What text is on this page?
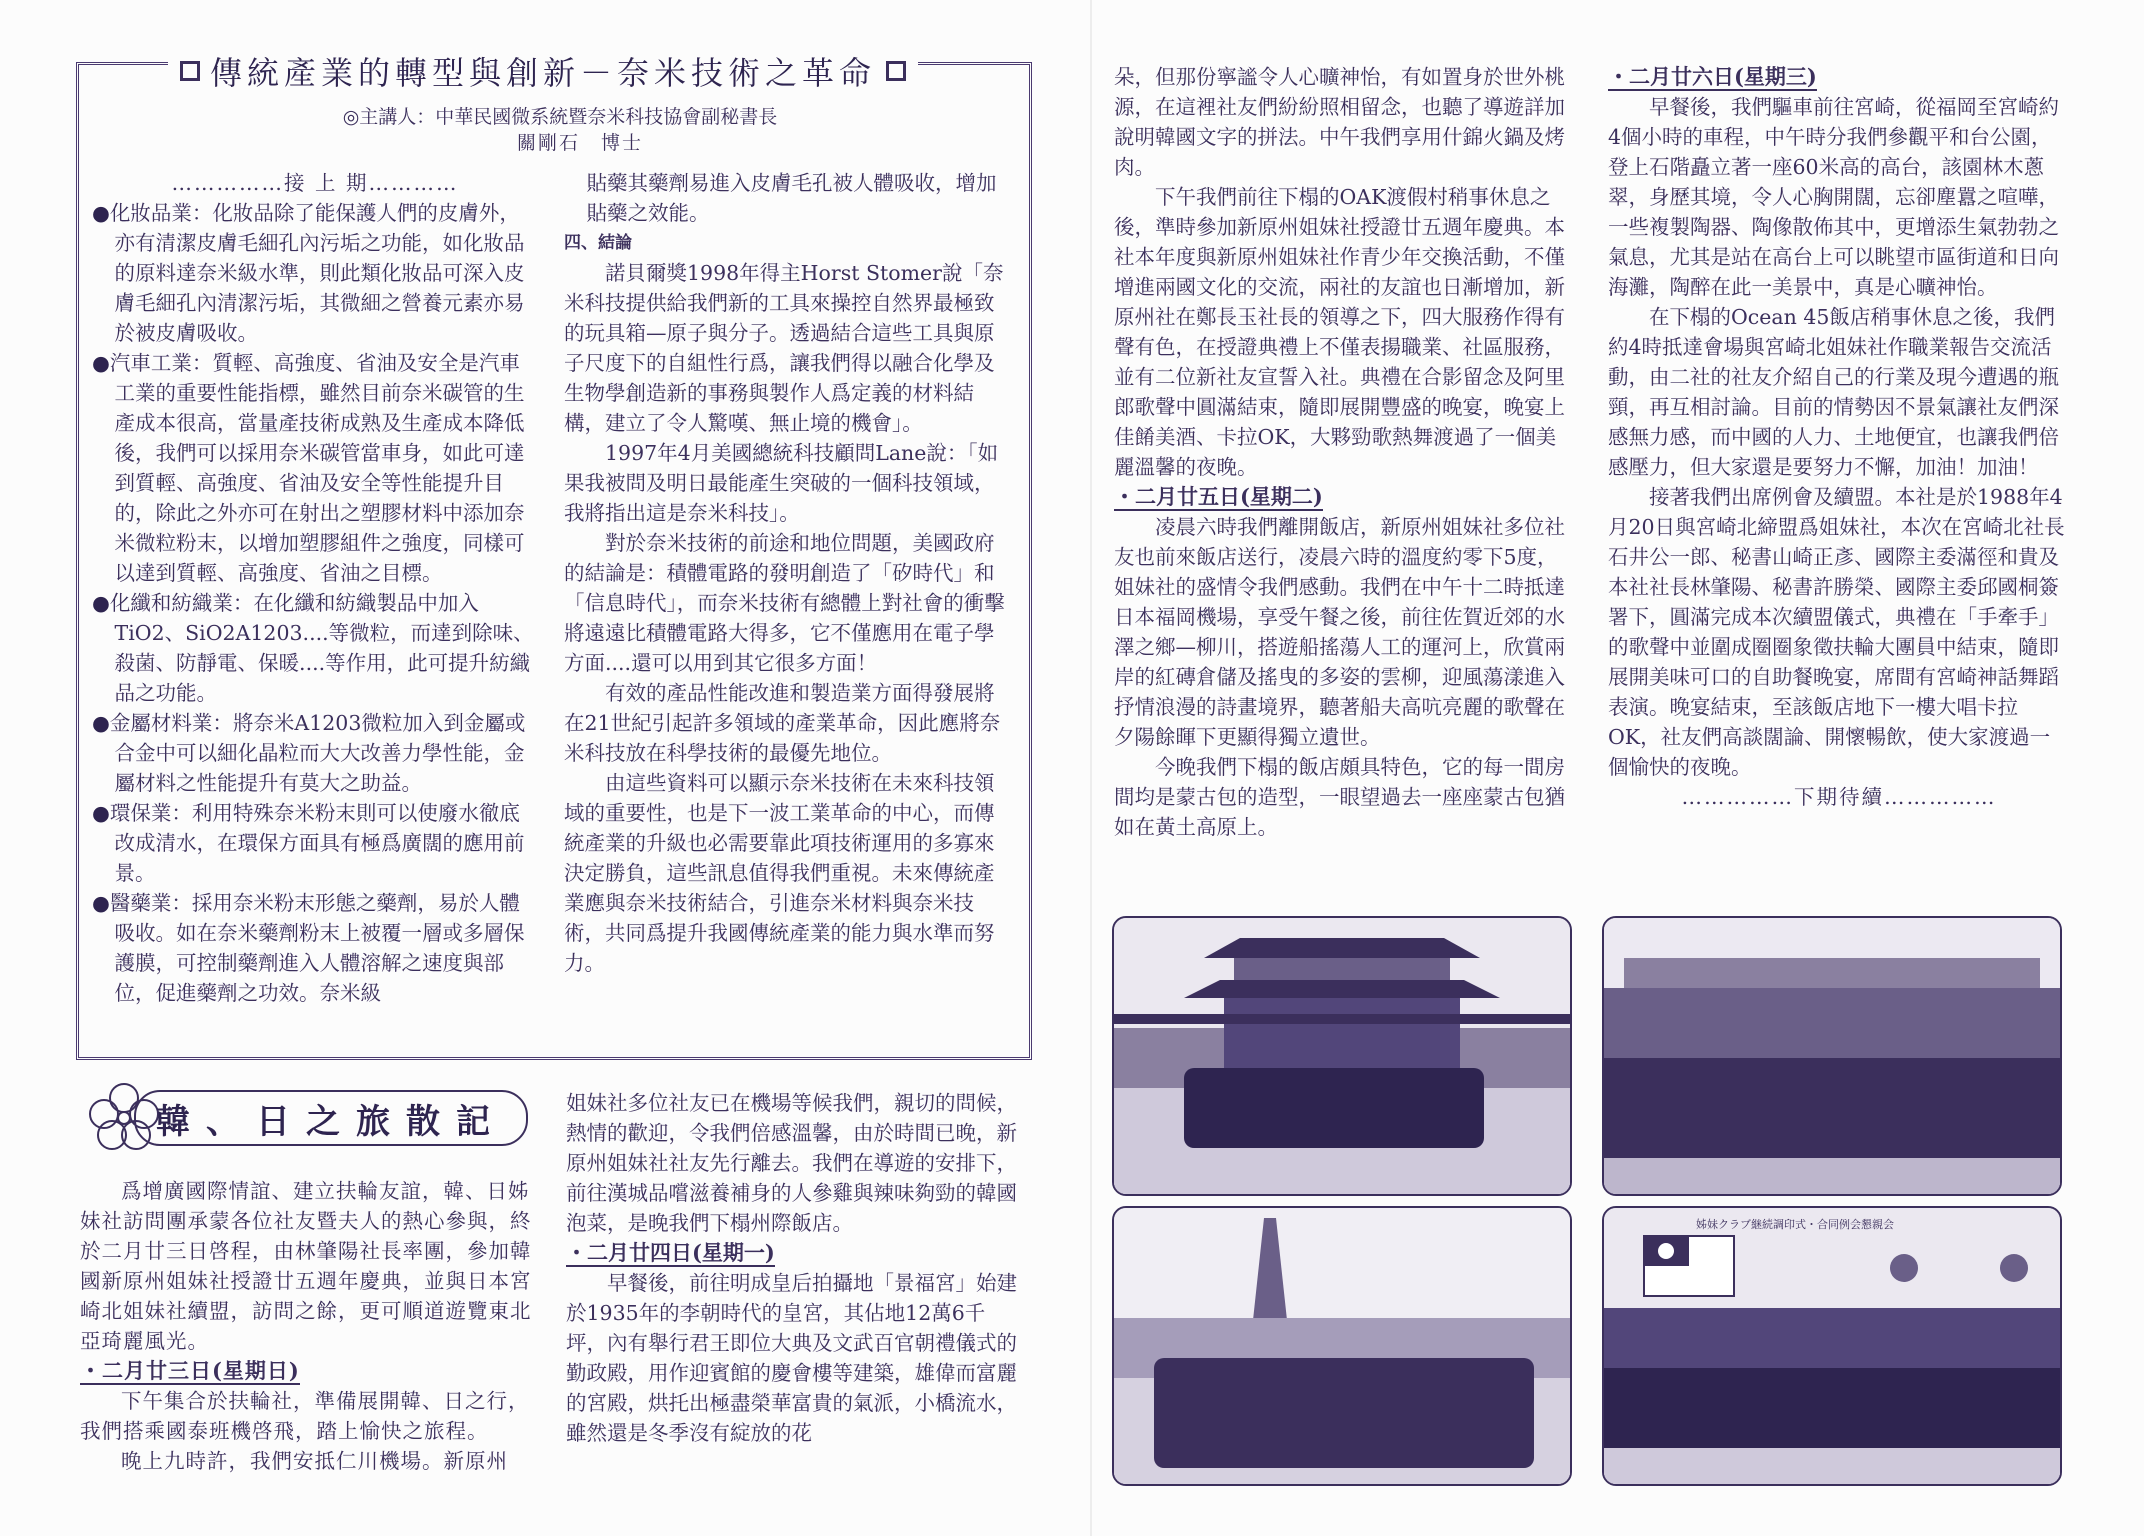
傳統產業的轉型與創新－奈米技術之革命
◎主講人：中華民國微系統暨奈米科技協會副秘書長
關剛石　博士

……………接 上 期…………

● 化妝品業：化妝品除了能保護人們的皮膚外，亦有清潔皮膚毛細孔內污垢之功能，如化妝品的原料達奈米級水準，則此類化妝品可深入皮膚毛細孔內清潔污垢，其微細之營養元素亦易於被皮膚吸收。

● 汽車工業：質輕、高強度、省油及安全是汽車工業的重要性能指標，雖然目前奈米碳管的生產成本很高，當量產技術成熟及生產成本降低後，我們可以採用奈米碳管當車身，如此可達到質輕、高強度、省油及安全等性能提升目的，除此之外亦可在射出之塑膠材料中添加奈米微粒粉末，以增加塑膠組件之強度，同樣可以達到質輕、高強度、省油之目標。

● 化纖和紡織業：在化纖和紡織製品中加入TiO2、SiO2A1203....等微粒，而達到除味、殺菌、防靜電、保暖....等作用，此可提升紡織品之功能。

● 金屬材料業：將奈米A1203微粒加入到金屬或合金中可以細化晶粒而大大改善力學性能，金屬材料之性能提升有莫大之助益。

● 環保業：利用特殊奈米粉末則可以使廢水徹底改成清水，在環保方面具有極爲廣闊的應用前景。

● 醫藥業：採用奈米粉末形態之藥劑，易於人體吸收。如在奈米藥劑粉末上被覆一層或多層保護膜，可控制藥劑進入人體溶解之速度與部位，促進藥劑之功效。奈米級

貼藥其藥劑易進入皮膚毛孔被人體吸收，增加貼藥之效能。

四、結論

諾貝爾獎1998年得主Horst Stomer說「奈米科技提供給我們新的工具來操控自然界最極致的玩具箱—原子與分子。透過結合這些工具與原子尺度下的自組性行爲，讓我們得以融合化學及生物學創造新的事務與製作人爲定義的材料結構，建立了令人驚嘆、無止境的機會」。

1997年4月美國總統科技顧問Lane說：「如果我被問及明日最能產生突破的一個科技領域，我將指出這是奈米科技」。

對於奈米技術的前途和地位問題，美國政府的結論是：積體電路的發明創造了「矽時代」和「信息時代」，而奈米技術有總體上對社會的衝擊將遠遠比積體電路大得多，它不僅應用在電子學方面....還可以用到其它很多方面！

有效的產品性能改進和製造業方面得發展將在21世紀引起許多領域的產業革命，因此應將奈米科技放在科學技術的最優先地位。

由這些資料可以顯示奈米技術在未來科技領域的重要性，也是下一波工業革命的中心，而傳統產業的升級也必需要靠此項技術運用的多寡來決定勝負，這些訊息值得我們重視。未來傳統產業應與奈米技術結合，引進奈米材料與奈米技術，共同爲提升我國傳統產業的能力與水準而努力。

韓、日之旅散記

爲增廣國際情誼、建立扶輪友誼，韓、日姊妹社訪問團承蒙各位社友暨夫人的熱心參與，終於二月廿三日啓程，由林肇陽社長率團，參加韓國新原州姐妹社授證廿五週年慶典，並與日本宮崎北姐妹社續盟，訪問之餘，更可順道遊覽東北亞琦麗風光。

・二月廿三日(星期日)

下午集合於扶輪社，準備展開韓、日之行，我們搭乘國泰班機啓飛，踏上愉快之旅程。

晚上九時許，我們安抵仁川機場。新原州

姐妹社多位社友已在機場等候我們，親切的問候，熱情的歡迎，令我們倍感溫馨，由於時間已晚，新原州姐妹社社友先行離去。我們在導遊的安排下，前往漢城品嚐滋養補身的人參雞與辣味夠勁的韓國泡菜，是晚我們下榻州際飯店。

・二月廿四日(星期一)

早餐後，前往明成皇后拍攝地「景福宮」始建於1935年的李朝時代的皇宮，其佔地12萬6千坪，內有舉行君王即位大典及文武百官朝禮儀式的勤政殿，用作迎賓館的慶會樓等建築，雄偉而富麗的宮殿，烘托出極盡榮華富貴的氣派，小橋流水，雖然還是冬季沒有綻放的花

朵，但那份寧謐令人心曠神怡，有如置身於世外桃源，在這裡社友們紛紛照相留念，也聽了導遊詳加說明韓國文字的拼法。中午我們享用什錦火鍋及烤肉。

下午我們前往下榻的OAK渡假村稍事休息之後，準時參加新原州姐妹社授證廿五週年慶典。本社本年度與新原州姐妹社作青少年交換活動，不僅增進兩國文化的交流，兩社的友誼也日漸增加，新原州社在鄭長玉社長的領導之下，四大服務作得有聲有色，在授證典禮上不僅表揚職業、社區服務，並有二位新社友宣誓入社。典禮在合影留念及阿里郎歌聲中圓滿結束，隨即展開豐盛的晚宴，晚宴上佳餚美酒、卡拉OK，大夥勁歌熱舞渡過了一個美麗溫馨的夜晚。

・二月廿五日(星期二)

凌晨六時我們離開飯店，新原州姐妹社多位社友也前來飯店送行，凌晨六時的溫度約零下5度，姐妹社的盛情令我們感動。我們在中午十二時抵達日本福岡機場，享受午餐之後，前往佐賀近郊的水澤之鄉—柳川，搭遊船搖蕩人工的運河上，欣賞兩岸的紅磚倉儲及搖曳的多姿的雲柳，迎風蕩漾進入抒情浪漫的詩畫境界，聽著船夫高吭亮麗的歌聲在夕陽餘暉下更顯得獨立遺世。

今晚我們下榻的飯店頗具特色，它的每一間房間均是蒙古包的造型，一眼望過去一座座蒙古包猶如在黃土高原上。

・二月廿六日(星期三)

早餐後，我們驅車前往宮崎，從福岡至宮崎約4個小時的車程，中午時分我們參觀平和台公園，登上石階矗立著一座60米高的高台，該園林木蔥翠，身歷其境，令人心胸開闊，忘卻塵囂之喧嘩，一些複製陶器、陶像散佈其中，更增添生氣勃勃之氣息，尤其是站在高台上可以眺望市區街道和日向海灘，陶醉在此一美景中，真是心曠神怡。

在下榻的Ocean 45飯店稍事休息之後，我們約4時抵達會場與宮崎北姐妹社作職業報告交流活動，由二社的社友介紹自己的行業及現今遭遇的瓶頸，再互相討論。目前的情勢因不景氣讓社友們深感無力感，而中國的人力、土地便宜，也讓我們倍感壓力，但大家還是要努力不懈，加油！加油！

接著我們出席例會及續盟。本社是於1988年4月20日與宮崎北締盟爲姐妹社，本次在宮崎北社長石井公一郎、秘書山崎正彥、國際主委滿徑和貴及本社社長林肇陽、秘書許勝榮、國際主委邱國桐簽署下，圓滿完成本次續盟儀式，典禮在「手牽手」的歌聲中並圍成圈圈象徵扶輪大團員中結束，隨即展開美味可口的自助餐晚宴，席間有宮崎神話舞蹈表演。晚宴結束，至該飯店地下一樓大唱卡拉OK，社友們高談闊論、開懷暢飲，使大家渡過一個愉快的夜晚。

……………下期待續……………

姊妹クラブ継続調印式・合同例会懇親会
